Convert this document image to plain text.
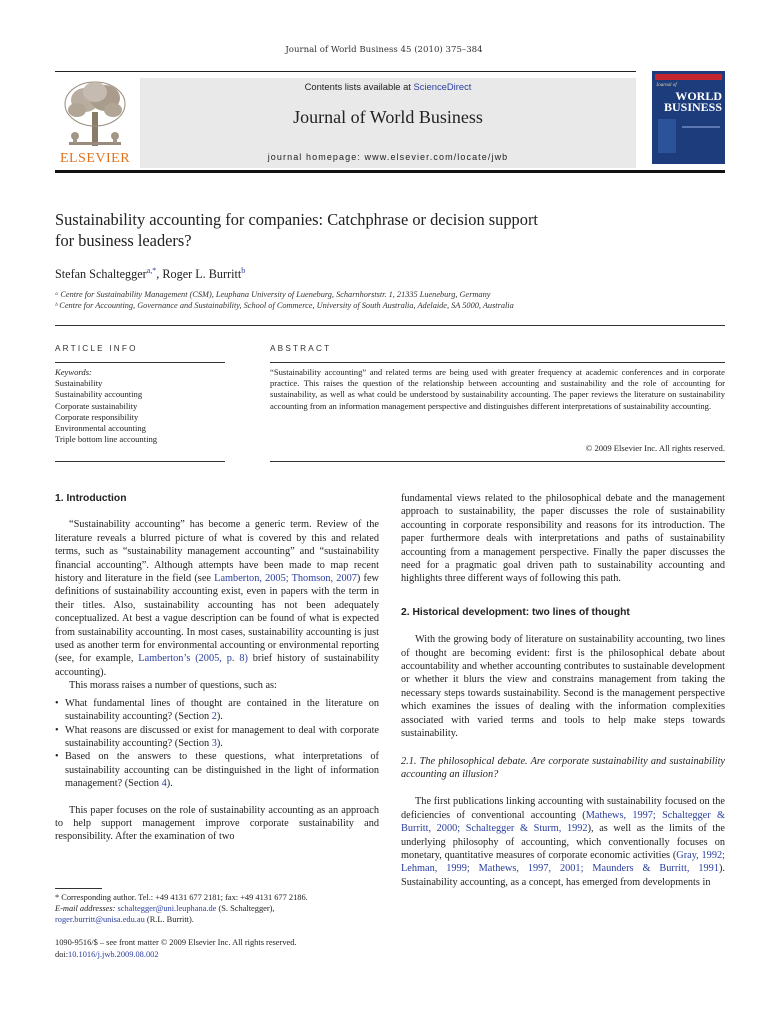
Journal of World Business 45 (2010) 375–384
ELSEVIER
Contents lists available at ScienceDirect
Journal of World Business
journal homepage: www.elsevier.com/locate/jwb
Journal of
WORLD
BUSINESS
Sustainability accounting for companies: Catchphrase or decision support
for business leaders?
Stefan Schaltegger$^{a,*}$, Roger L. Burritt$^b$
ᵃ Centre for Sustainability Management (CSM), Leuphana University of Lueneburg, Scharnhorststr. 1, 21335 Lueneburg, Germany
ᵇ Centre for Accounting, Governance and Sustainability, School of Commerce, University of South Australia, Adelaide, SA 5000, Australia
ARTICLE INFO	ABSTRACT
Keywords:
Sustainability
Sustainability accounting
Corporate sustainability
Corporate responsibility
Environmental accounting
Triple bottom line accounting
“Sustainability accounting” and related terms are being used with greater frequency at academic conferences and in corporate practice. This raises the question of the relationship between accounting and sustainability and the role of accounting for sustainability, as well as what could be understood by sustainability accounting. The paper reviews the literature on sustainability accounting from an information management perspective and distinguishes different interpretations of sustainability accounting.
© 2009 Elsevier Inc. All rights reserved.
1. Introduction

“Sustainability accounting” has become a generic term. Review of the literature reveals a blurred picture of what is covered by this and related terms, such as “sustainability management accounting” and “sustainability financial accounting”. Although attempts have been made to map recent history and literature in the field (see Lamberton, 2005; Thomson, 2007) few definitions of sustainability accounting exist, even in papers with the term in their titles. Also, sustainability accounting has not been adequately conceptualized. At best a vague description can be found of what is expected from sustainability accounting. In most cases, sustainability accounting is just used as another term for environmental accounting or environmental reporting (see, for example, Lamberton’s (2005, p. 8) brief history of sustainability accounting).

This morass raises a number of questions, such as:

• What fundamental lines of thought are contained in the literature on sustainability accounting? (Section 2).
• What reasons are discussed or exist for management to deal with corporate sustainability accounting? (Section 3).
• Based on the answers to these questions, what interpretations of sustainability accounting can be distinguished in the light of information management? (Section 4).

This paper focuses on the role of sustainability accounting as an approach to help support management improve corporate sustainability and responsibility. After the examination of two

fundamental views related to the philosophical debate and the management approach to sustainability, the paper discusses the role of sustainability accounting in corporate responsibility and reasons for its introduction. The paper furthermore deals with interpretations and paths of sustainability accounting from a management perspective. Finally the paper discusses the need for a pragmatic goal driven path to sustainability accounting and highlights three different ways of following this path.

2. Historical development: two lines of thought

With the growing body of literature on sustainability accounting, two lines of thought are becoming evident: first is the philosophical debate about accountability and whether accounting contributes to sustainable development or whether it blurs the view and constrains management from taking the necessary steps towards sustainability. Second is the management perspective which examines the issues of dealing with the information complexities associated with varied terms and tools to help make steps towards sustainability.

2.1. The philosophical debate. Are corporate sustainability and sustainability accounting an illusion?

The first publications linking accounting with sustainability focused on the deficiencies of conventional accounting (Mathews, 1997; Schaltegger & Burritt, 2000; Schaltegger & Sturm, 1992), as well as the limits of the underlying philosophy of accounting, which conventionally focuses on monetary, quantitative measures of corporate economic activities (Gray, 1992; Lehman, 1999; Mathews, 1997, 2001; Maunders & Burritt, 1991). Sustainability accounting, as a concept, has emerged from developments in

* Corresponding author. Tel.: +49 4131 677 2181; fax: +49 4131 677 2186.
E-mail addresses: schaltegger@uni.leuphana.de (S. Schaltegger),
roger.burritt@unisa.edu.au (R.L. Burritt).
1090-9516/$ – see front matter © 2009 Elsevier Inc. All rights reserved.
doi:10.1016/j.jwb.2009.08.002
